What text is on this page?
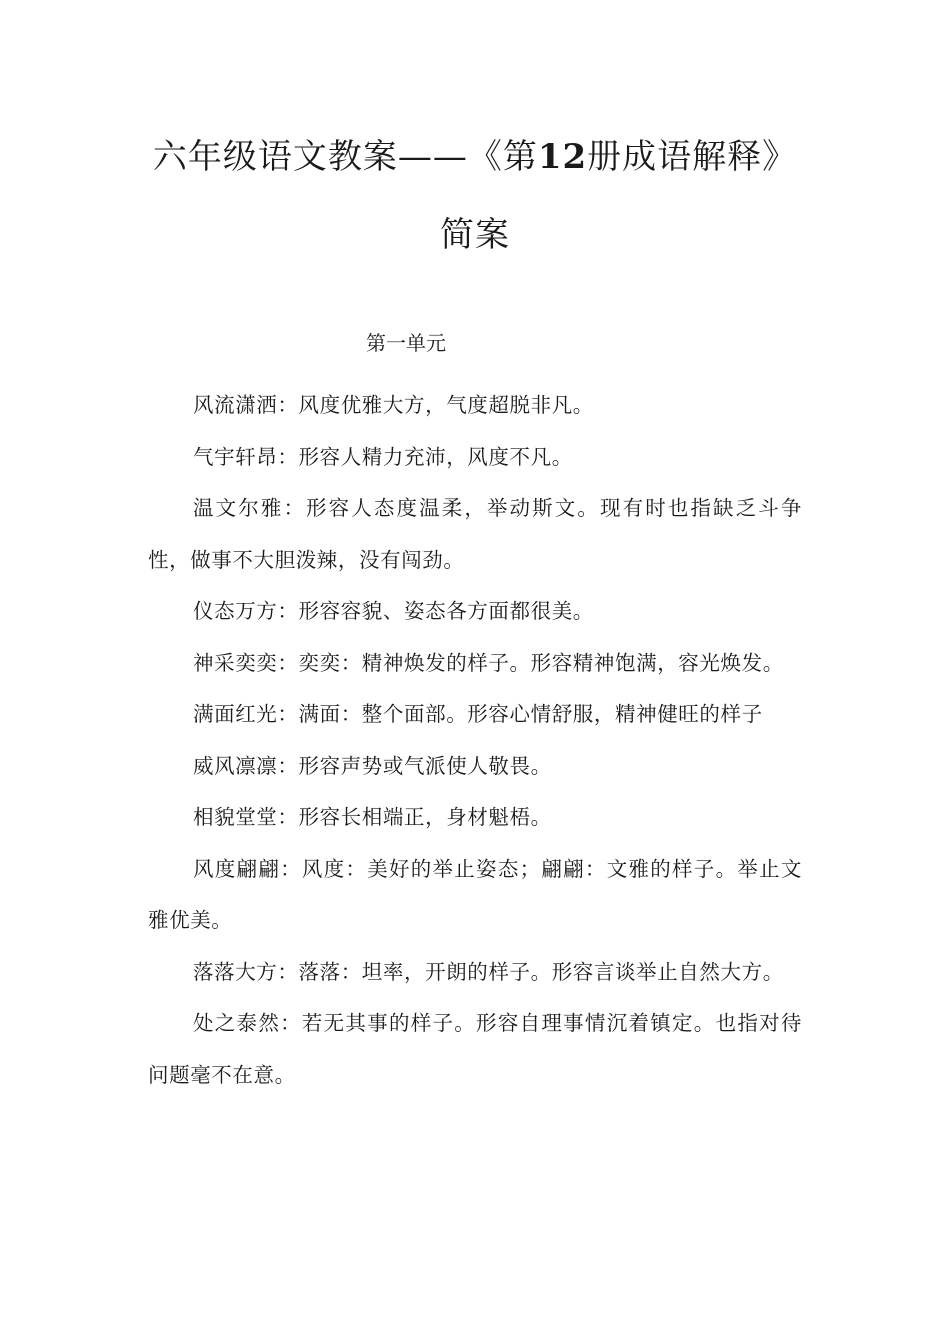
六年级语文教案——《第12册成语解释》简案
第一单元

风流潇洒：风度优雅大方，气度超脱非凡。

气宇轩昂：形容人精力充沛，风度不凡。

温文尔雅：形容人态度温柔，举动斯文。现有时也指缺乏斗争性，做事不大胆泼辣，没有闯劲。

仪态万方：形容容貌、姿态各方面都很美。

神采奕奕：奕奕：精神焕发的样子。形容精神饱满，容光焕发。

满面红光：满面：整个面部。形容心情舒服，精神健旺的样子

威风凛凛：形容声势或气派使人敬畏。

相貌堂堂：形容长相端正，身材魁梧。

风度翩翩：风度：美好的举止姿态；翩翩：文雅的样子。举止文雅优美。

落落大方：落落：坦率，开朗的样子。形容言谈举止自然大方。

处之泰然：若无其事的样子。形容自理事情沉着镇定。也指对待问题毫不在意。
